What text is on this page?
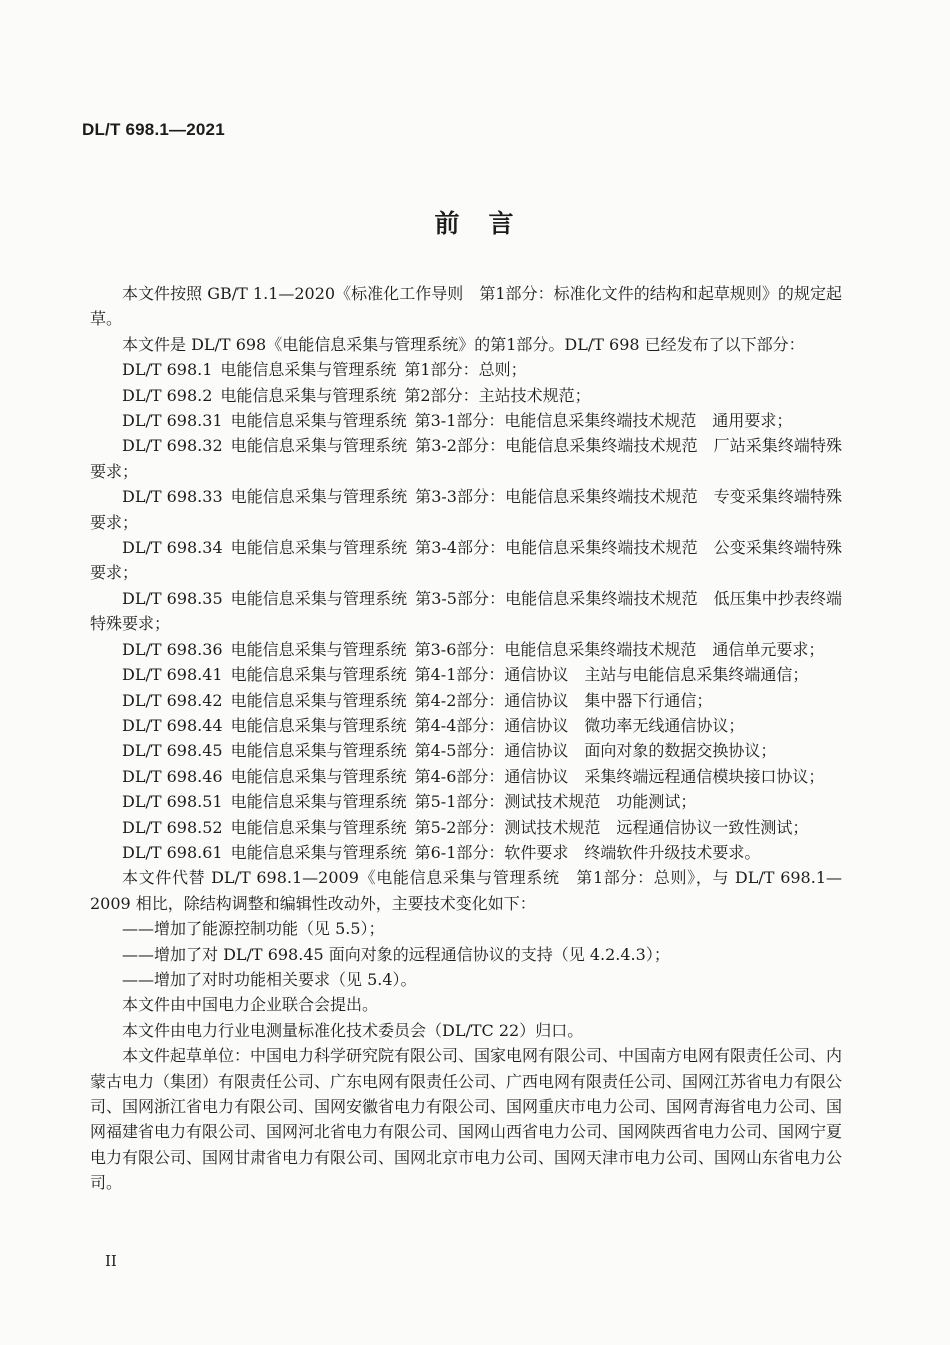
DL/T 698.1—2021
前　言

本文件按照 GB/T 1.1—2020《标准化工作导则　第1部分：标准化文件的结构和起草规则》的规定起草。

本文件是 DL/T 698《电能信息采集与管理系统》的第1部分。DL/T 698 已经发布了以下部分：

DL/T 698.1 电能信息采集与管理系统 第1部分：总则；

DL/T 698.2 电能信息采集与管理系统 第2部分：主站技术规范；

DL/T 698.31 电能信息采集与管理系统 第3-1部分：电能信息采集终端技术规范　通用要求；

DL/T 698.32 电能信息采集与管理系统 第3-2部分：电能信息采集终端技术规范　厂站采集终端特殊要求；

DL/T 698.33 电能信息采集与管理系统 第3-3部分：电能信息采集终端技术规范　专变采集终端特殊要求；

DL/T 698.34 电能信息采集与管理系统 第3-4部分：电能信息采集终端技术规范　公变采集终端特殊要求；

DL/T 698.35 电能信息采集与管理系统 第3-5部分：电能信息采集终端技术规范　低压集中抄表终端特殊要求；

DL/T 698.36 电能信息采集与管理系统 第3-6部分：电能信息采集终端技术规范　通信单元要求；

DL/T 698.41 电能信息采集与管理系统 第4-1部分：通信协议　主站与电能信息采集终端通信；

DL/T 698.42 电能信息采集与管理系统 第4-2部分：通信协议　集中器下行通信；

DL/T 698.44 电能信息采集与管理系统 第4-4部分：通信协议　微功率无线通信协议；

DL/T 698.45 电能信息采集与管理系统 第4-5部分：通信协议　面向对象的数据交换协议；

DL/T 698.46 电能信息采集与管理系统 第4-6部分：通信协议　采集终端远程通信模块接口协议；

DL/T 698.51 电能信息采集与管理系统 第5-1部分：测试技术规范　功能测试；

DL/T 698.52 电能信息采集与管理系统 第5-2部分：测试技术规范　远程通信协议一致性测试；

DL/T 698.61 电能信息采集与管理系统 第6-1部分：软件要求　终端软件升级技术要求。

本文件代替 DL/T 698.1—2009《电能信息采集与管理系统　第1部分：总则》，与 DL/T 698.1—2009 相比，除结构调整和编辑性改动外，主要技术变化如下：

——增加了能源控制功能（见 5.5）；

——增加了对 DL/T 698.45 面向对象的远程通信协议的支持（见 4.2.4.3）；

——增加了对时功能相关要求（见 5.4）。

本文件由中国电力企业联合会提出。

本文件由电力行业电测量标准化技术委员会（DL/TC 22）归口。

本文件起草单位：中国电力科学研究院有限公司、国家电网有限公司、中国南方电网有限责任公司、内蒙古电力（集团）有限责任公司、广东电网有限责任公司、广西电网有限责任公司、国网江苏省电力有限公司、国网浙江省电力有限公司、国网安徽省电力有限公司、国网重庆市电力公司、国网青海省电力公司、国网福建省电力有限公司、国网河北省电力有限公司、国网山西省电力公司、国网陕西省电力公司、国网宁夏电力有限公司、国网甘肃省电力有限公司、国网北京市电力公司、国网天津市电力公司、国网山东省电力公司。

II
